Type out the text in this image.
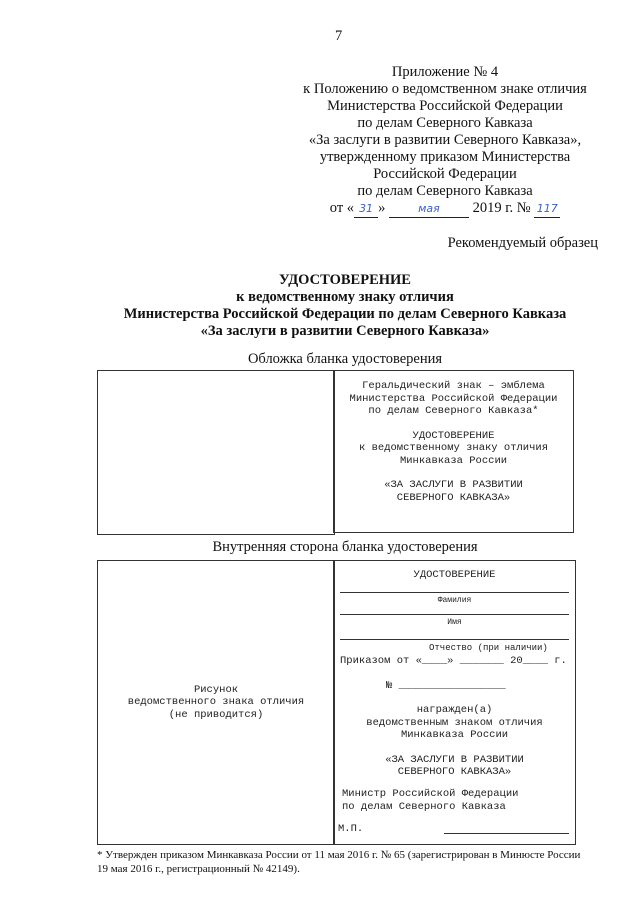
7
Приложение № 4
к Положению о ведомственном знаке отличия
Министерства Российской Федерации
по делам Северного Кавказа
«За заслуги в развитии Северного Кавказа»,
утвержденному приказом Министерства
Российской Федерации
по делам Северного Кавказа
от « 31 »	мая 2019 г. № 117
Рекомендуемый образец
УДОСТОВЕРЕНИЕ
к ведомственному знаку отличия
Министерства Российской Федерации по делам Северного Кавказа
«За заслуги в развитии Северного Кавказа»
Обложка бланка удостоверения
Геральдический знак – эмблема
Министерства Российской Федерации
по делам Северного Кавказа*
УДОСТОВЕРЕНИЕ
к ведомственному знаку отличия
Минкавказа России
«ЗА ЗАСЛУГИ В РАЗВИТИИ
СЕВЕРНОГО КАВКАЗА»
Внутренняя сторона бланка удостоверения
Рисунок
ведомственного знака отличия
(не приводится)
УДОСТОВЕРЕНИЕ
Фамилия
Имя
Отчество (при наличии)
Приказом от «____» _______ 20____ г.
№ _________________
награжден(а)
ведомственным знаком отличия
Минкавказа России
«ЗА ЗАСЛУГИ В РАЗВИТИИ
СЕВЕРНОГО КАВКАЗА»
Министр Российской Федерации
по делам Северного Кавказа
М.П.
* Утвержден приказом Минкавказа России от 11 мая 2016 г. № 65 (зарегистрирован в Минюсте России 19 мая 2016 г., регистрационный № 42149).
